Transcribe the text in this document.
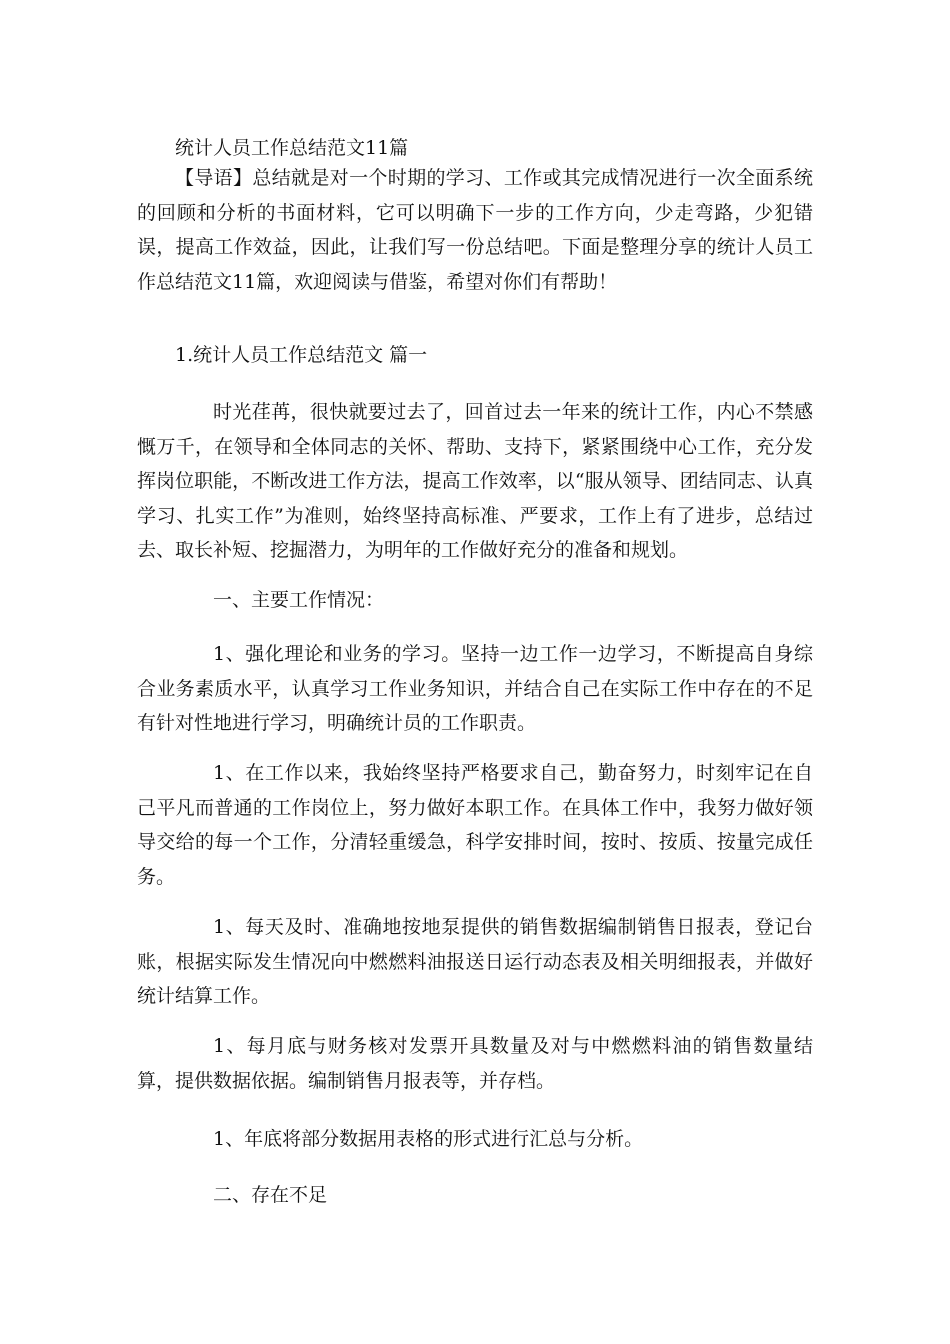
统计人员工作总结范文11篇

【导语】总结就是对一个时期的学习、工作或其完成情况进行一次全面系统的回顾和分析的书面材料，它可以明确下一步的工作方向，少走弯路，少犯错误，提高工作效益，因此，让我们写一份总结吧。下面是整理分享的统计人员工作总结范文11篇，欢迎阅读与借鉴，希望对你们有帮助！

1.统计人员工作总结范文 篇一

时光荏苒，很快就要过去了，回首过去一年来的统计工作，内心不禁感慨万千，在领导和全体同志的关怀、帮助、支持下，紧紧围绕中心工作，充分发挥岗位职能，不断改进工作方法，提高工作效率，以“服从领导、团结同志、认真学习、扎实工作”为准则，始终坚持高标准、严要求，工作上有了进步，总结过去、取长补短、挖掘潜力，为明年的工作做好充分的准备和规划。

一、主要工作情况：

1、强化理论和业务的学习。坚持一边工作一边学习，不断提高自身综合业务素质水平，认真学习工作业务知识，并结合自己在实际工作中存在的不足有针对性地进行学习，明确统计员的工作职责。

1、在工作以来，我始终坚持严格要求自己，勤奋努力，时刻牢记在自己平凡而普通的工作岗位上，努力做好本职工作。在具体工作中，我努力做好领导交给的每一个工作，分清轻重缓急，科学安排时间，按时、按质、按量完成任务。

1、每天及时、准确地按地泵提供的销售数据编制销售日报表，登记台账，根据实际发生情况向中燃燃料油报送日运行动态表及相关明细报表，并做好统计结算工作。

1、每月底与财务核对发票开具数量及对与中燃燃料油的销售数量结算，提供数据依据。编制销售月报表等，并存档。

1、年底将部分数据用表格的形式进行汇总与分析。

二、存在不足
